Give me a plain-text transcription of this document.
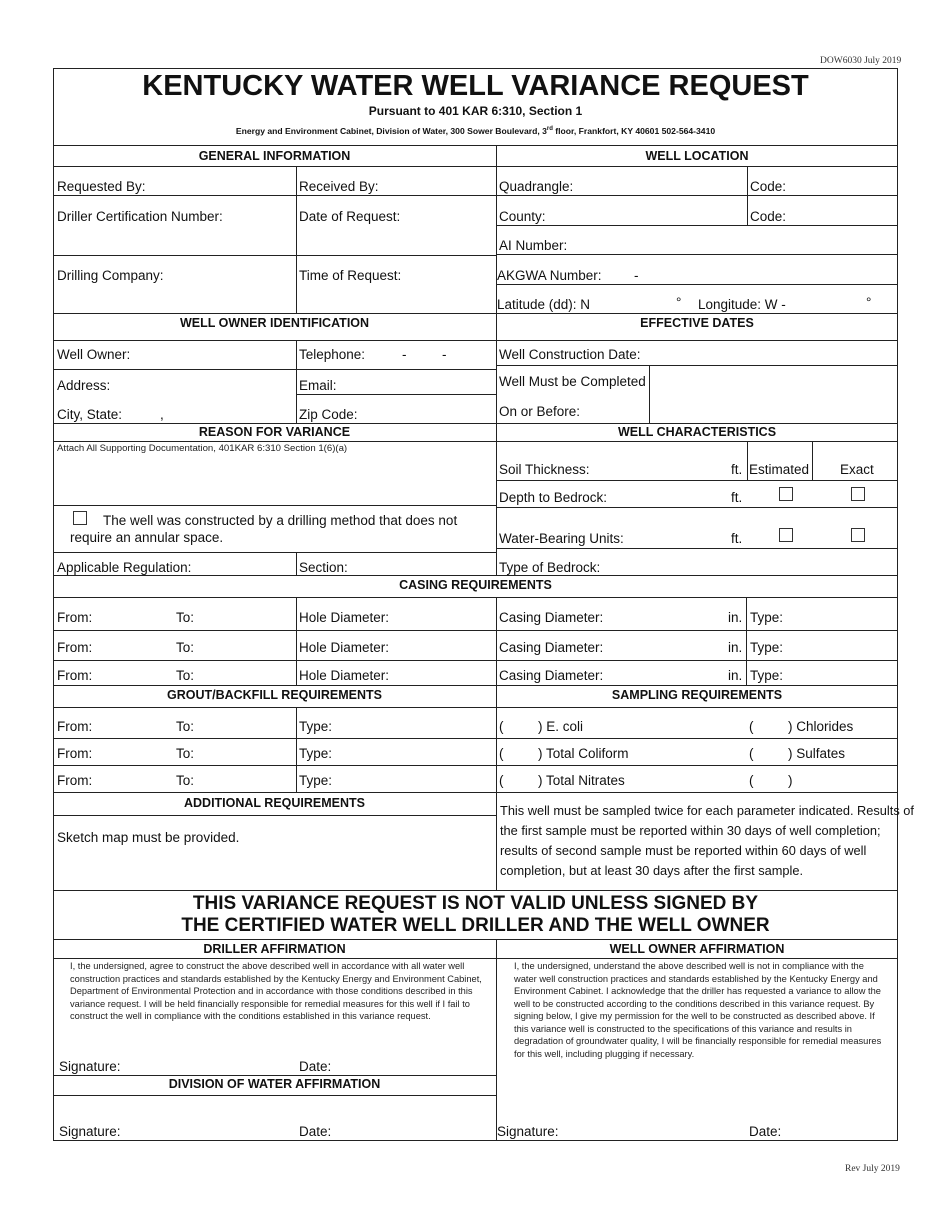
DOW6030 July 2019
Rev July 2019
KENTUCKY WATER WELL VARIANCE REQUEST
Pursuant to 401 KAR 6:310, Section 1
Energy and Environment Cabinet, Division of Water, 300 Sower Boulevard, 3rd floor, Frankfort, KY 40601 502-564-3410
GENERAL INFORMATION
Requested By:	Received By:
Driller Certification Number:	Date of Request:
Drilling Company:	Time of Request:
WELL LOCATION
Quadrangle:	Code:
County:	Code:
AI Number:
AKGWA Number: -
Latitude (dd): N	° Longitude: W -	°
WELL OWNER IDENTIFICATION
Well Owner:	Telephone:	-	-
Address:	Email:
City, State:	,	Zip Code:
EFFECTIVE DATES
Well Construction Date:
Well Must be Completed
On or Before:
REASON FOR VARIANCE
Attach All Supporting Documentation, 401KAR 6:310 Section 1(6)(a)
The well was constructed by a drilling method that does not
require an annular space.
Applicable Regulation:	Section:
WELL CHARACTERISTICS
Soil Thickness:	ft. Estimated Exact
Depth to Bedrock:	ft.
Water-Bearing Units:	ft.
Type of Bedrock:
CASING REQUIREMENTS
From:	To:	Hole Diameter:	Casing Diameter:	in. Type:
From:	To:	Hole Diameter:	Casing Diameter:	in. Type:
From:	To:	Hole Diameter:	Casing Diameter:	in. Type:
GROUT/BACKFILL REQUIREMENTS
From:	To:	Type:
From:	To:	Type:
From:	To:	Type:
SAMPLING REQUIREMENTS
(	) E. coli	(	) Chlorides
(	) Total Coliform	(	) Sulfates
(	) Total Nitrates	(	)
This well must be sampled twice for each parameter indicated. Results of
the first sample must be reported within 30 days of well completion;
results of second sample must be reported within 60 days of well
completion, but at least 30 days after the first sample.
ADDITIONAL REQUIREMENTS
Sketch map must be provided.
THIS VARIANCE REQUEST IS NOT VALID UNLESS SIGNED BY
THE CERTIFIED WATER WELL DRILLER AND THE WELL OWNER
DRILLER AFFIRMATION
I, the undersigned, agree to construct the above described well in accordance with all water well construction practices and standards established by the Kentucky Energy and Environment Cabinet, Department of Environmental Protection and in accordance with those conditions described in this variance request. I will be held financially responsible for remedial measures for this well if I fail to construct the well in compliance with the conditions established in this variance request.
Signature:	Date:
DIVISION OF WATER AFFIRMATION
Signature:	Date:
WELL OWNER AFFIRMATION
I, the undersigned, understand the above described well is not in compliance with the water well construction practices and standards established by the Kentucky Energy and Environment Cabinet. I acknowledge that the driller has requested a variance to allow the well to be constructed according to the conditions described in this variance request. By signing below, I give my permission for the well to be constructed as described above. If this variance well is constructed to the specifications of this variance and results in degradation of groundwater quality, I will be financially responsible for remedial measures for this well, including plugging if necessary.
Signature:	Date:
